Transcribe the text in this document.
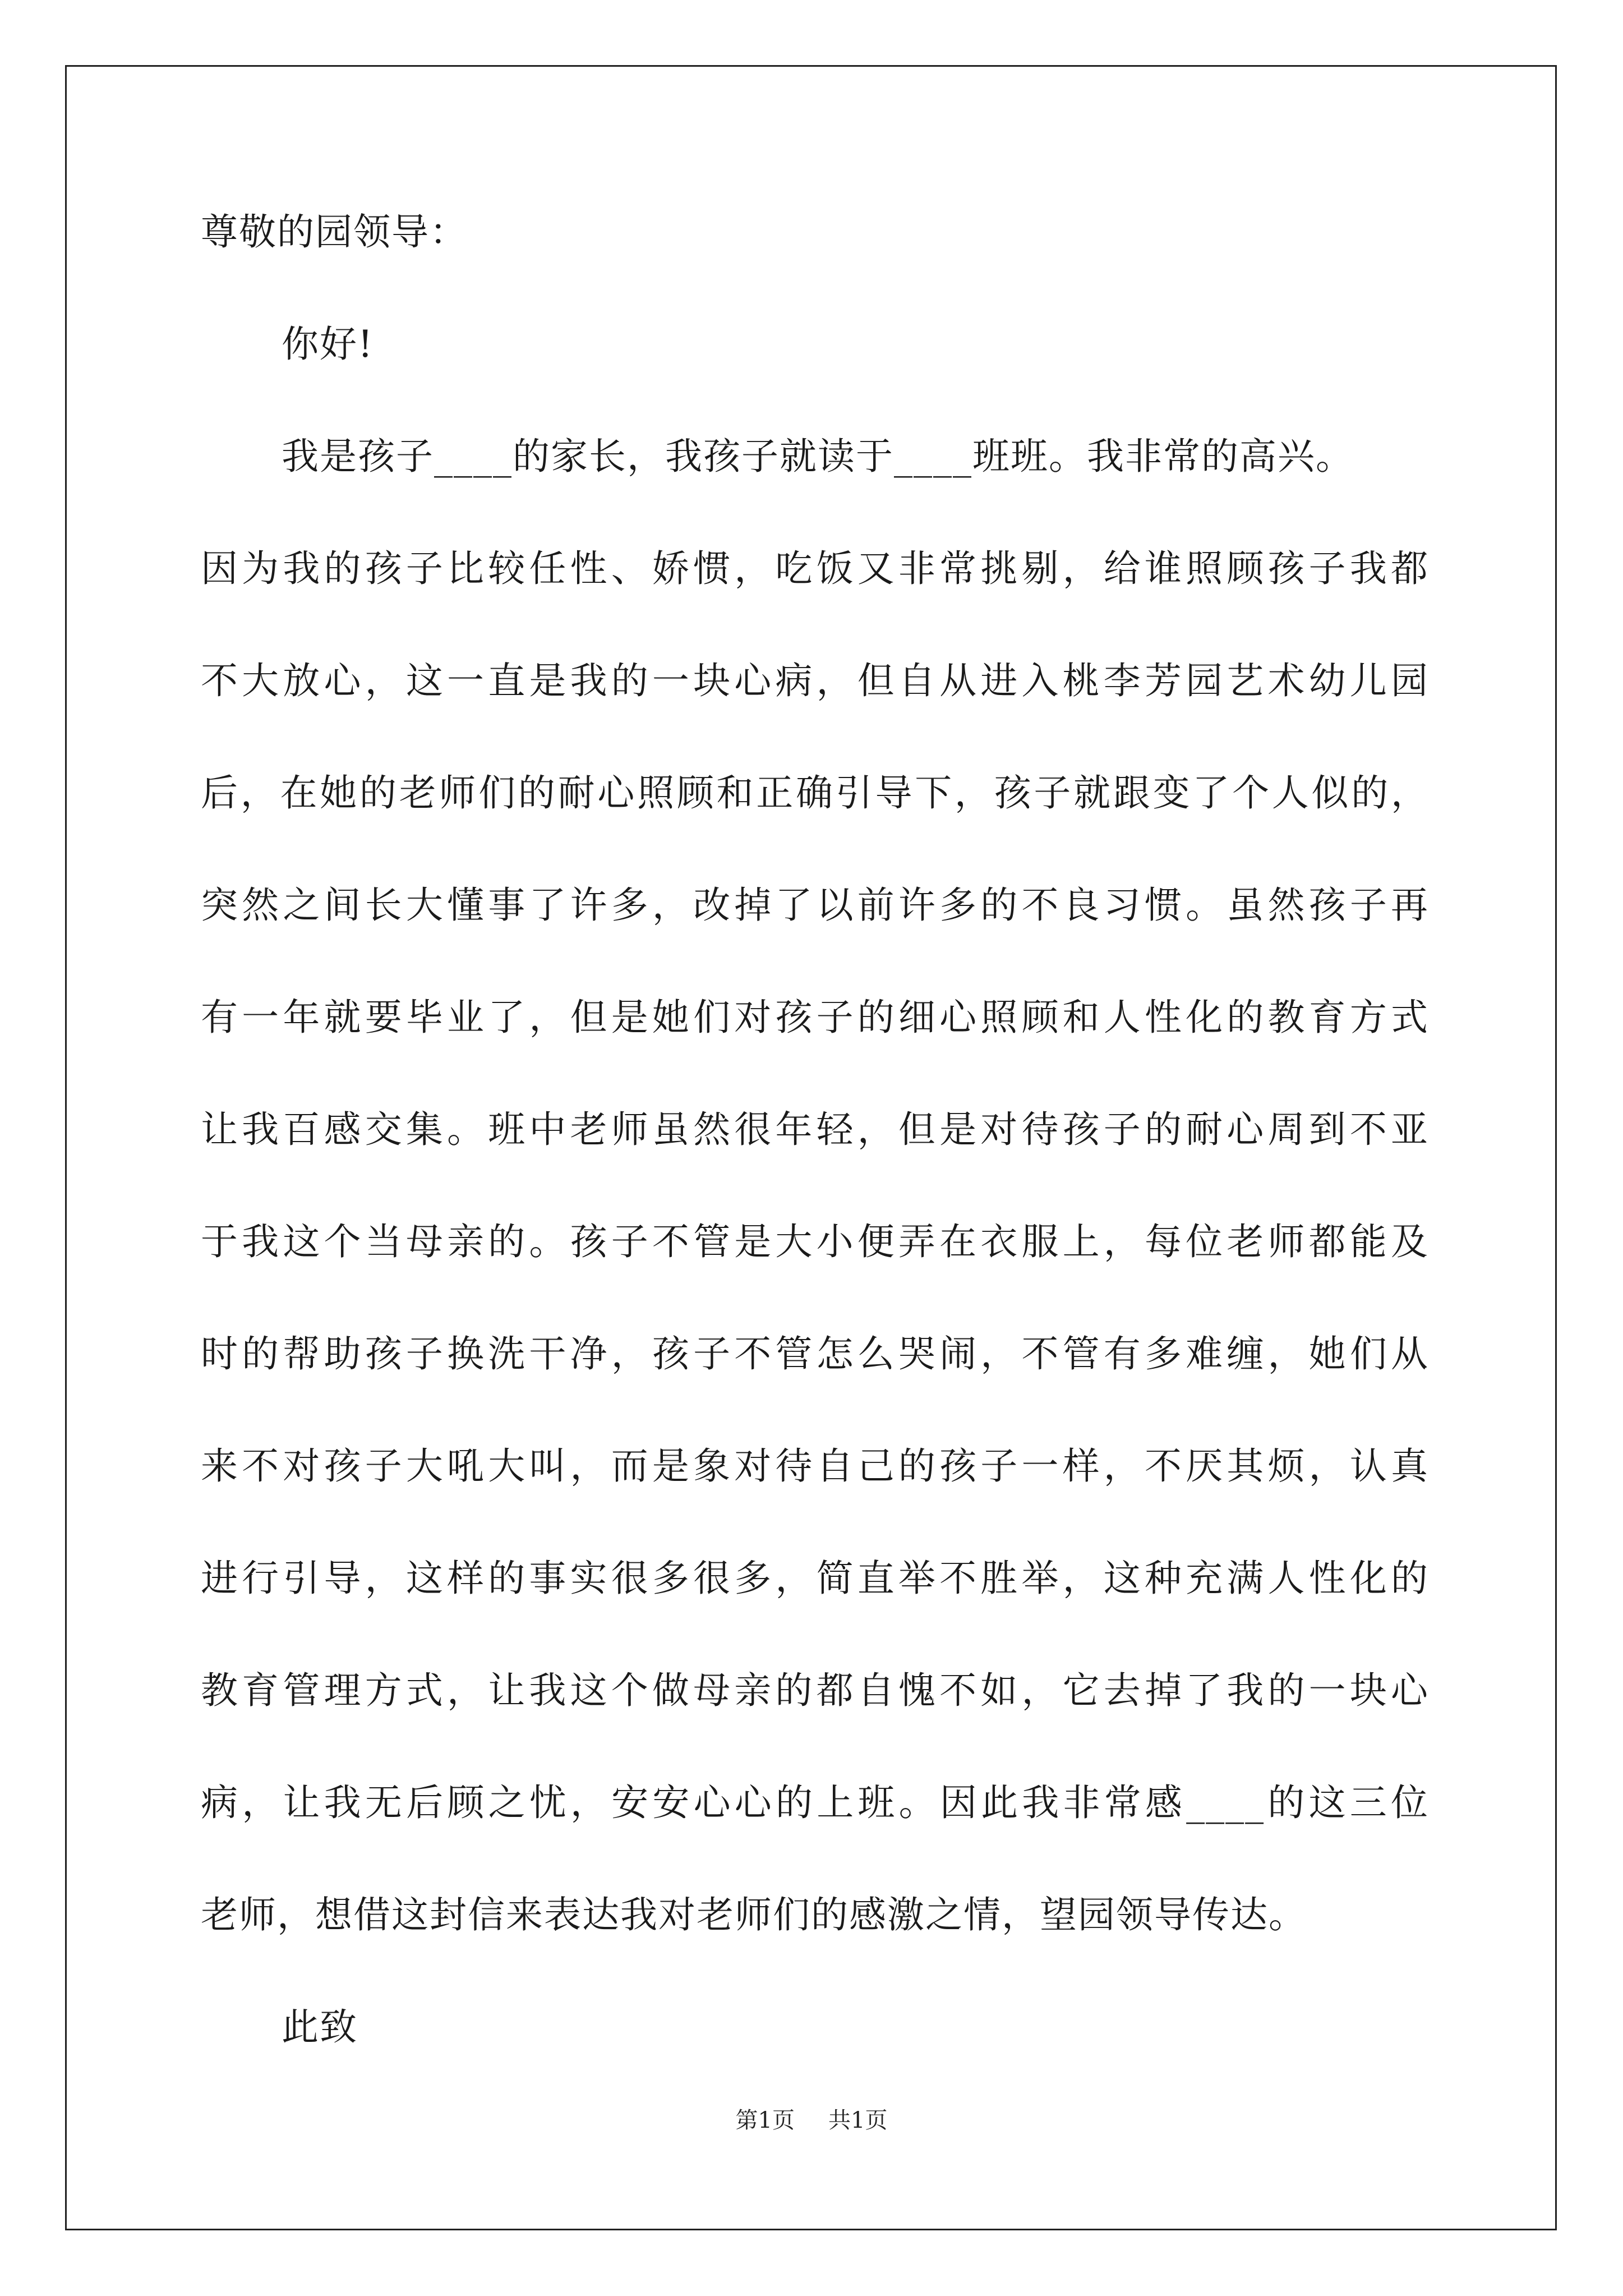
尊敬的园领导：
你好!
我是孩子____的家长，我孩子就读于____班班。我非常的高兴。
因为我的孩子比较任性、娇惯，吃饭又非常挑剔，给谁照顾孩子我都
不大放心，这一直是我的一块心病，但自从进入桃李芳园艺术幼儿园
后，在她的老师们的耐心照顾和正确引导下，孩子就跟变了个人似的，
突然之间长大懂事了许多，改掉了以前许多的不良习惯。虽然孩子再
有一年就要毕业了，但是她们对孩子的细心照顾和人性化的教育方式
让我百感交集。班中老师虽然很年轻，但是对待孩子的耐心周到不亚
于我这个当母亲的。孩子不管是大小便弄在衣服上，每位老师都能及
时的帮助孩子换洗干净，孩子不管怎么哭闹，不管有多难缠，她们从
来不对孩子大吼大叫，而是象对待自己的孩子一样，不厌其烦，认真
进行引导，这样的事实很多很多，简直举不胜举，这种充满人性化的
教育管理方式，让我这个做母亲的都自愧不如，它去掉了我的一块心
病，让我无后顾之忧，安安心心的上班。因此我非常感____的这三位
老师，想借这封信来表达我对老师们的感激之情，望园领导传达。
此致
第1页 共1页
